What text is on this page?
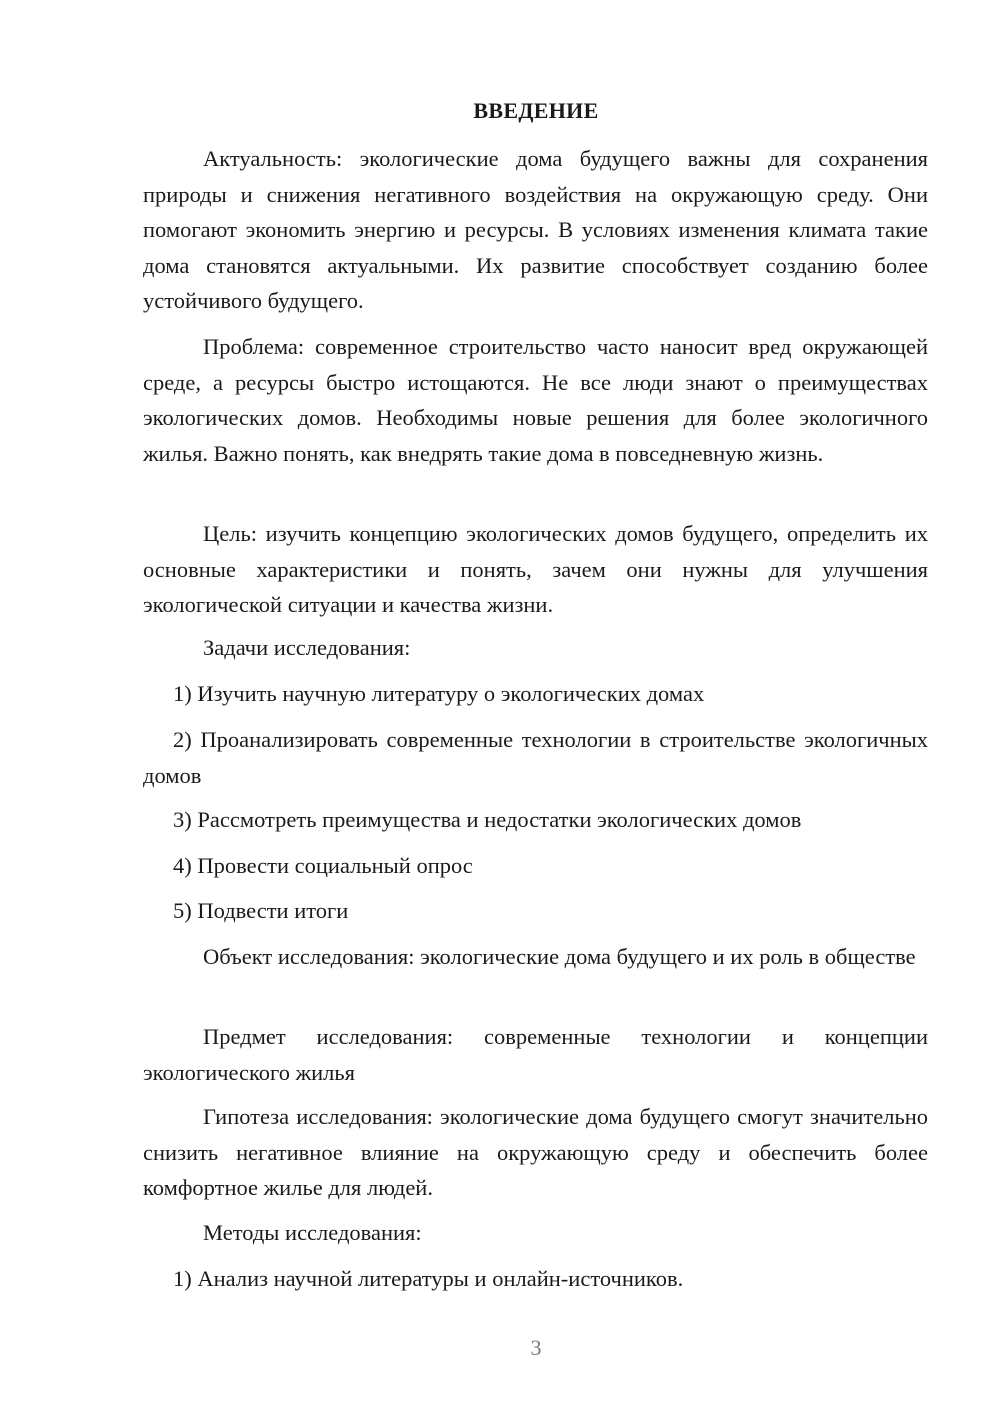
ВВЕДЕНИЕ
Актуальность: экологические дома будущего важны для сохранения природы и снижения негативного воздействия на окружающую среду. Они помогают экономить энергию и ресурсы. В условиях изменения климата такие дома становятся актуальными. Их развитие способствует созданию более устойчивого будущего.
Проблема: современное строительство часто наносит вред окружающей среде, а ресурсы быстро истощаются. Не все люди знают о преимуществах экологических домов. Необходимы новые решения для более экологичного жилья. Важно понять, как внедрять такие дома в повседневную жизнь.
Цель: изучить концепцию экологических домов будущего, определить их основные характеристики и понять, зачем они нужны для улучшения экологической ситуации и качества жизни.
Задачи исследования:
1) Изучить научную литературу о экологических домах
2) Проанализировать современные технологии в строительстве экологичных домов
3) Рассмотреть преимущества и недостатки экологических домов
4) Провести социальный опрос
5) Подвести итоги
Объект исследования: экологические дома будущего и их роль в обществе
Предмет исследования: современные технологии и концепции экологического жилья
Гипотеза исследования: экологические дома будущего смогут значительно снизить негативное влияние на окружающую среду и обеспечить более комфортное жилье для людей.
Методы исследования:
1) Анализ научной литературы и онлайн-источников.
3
